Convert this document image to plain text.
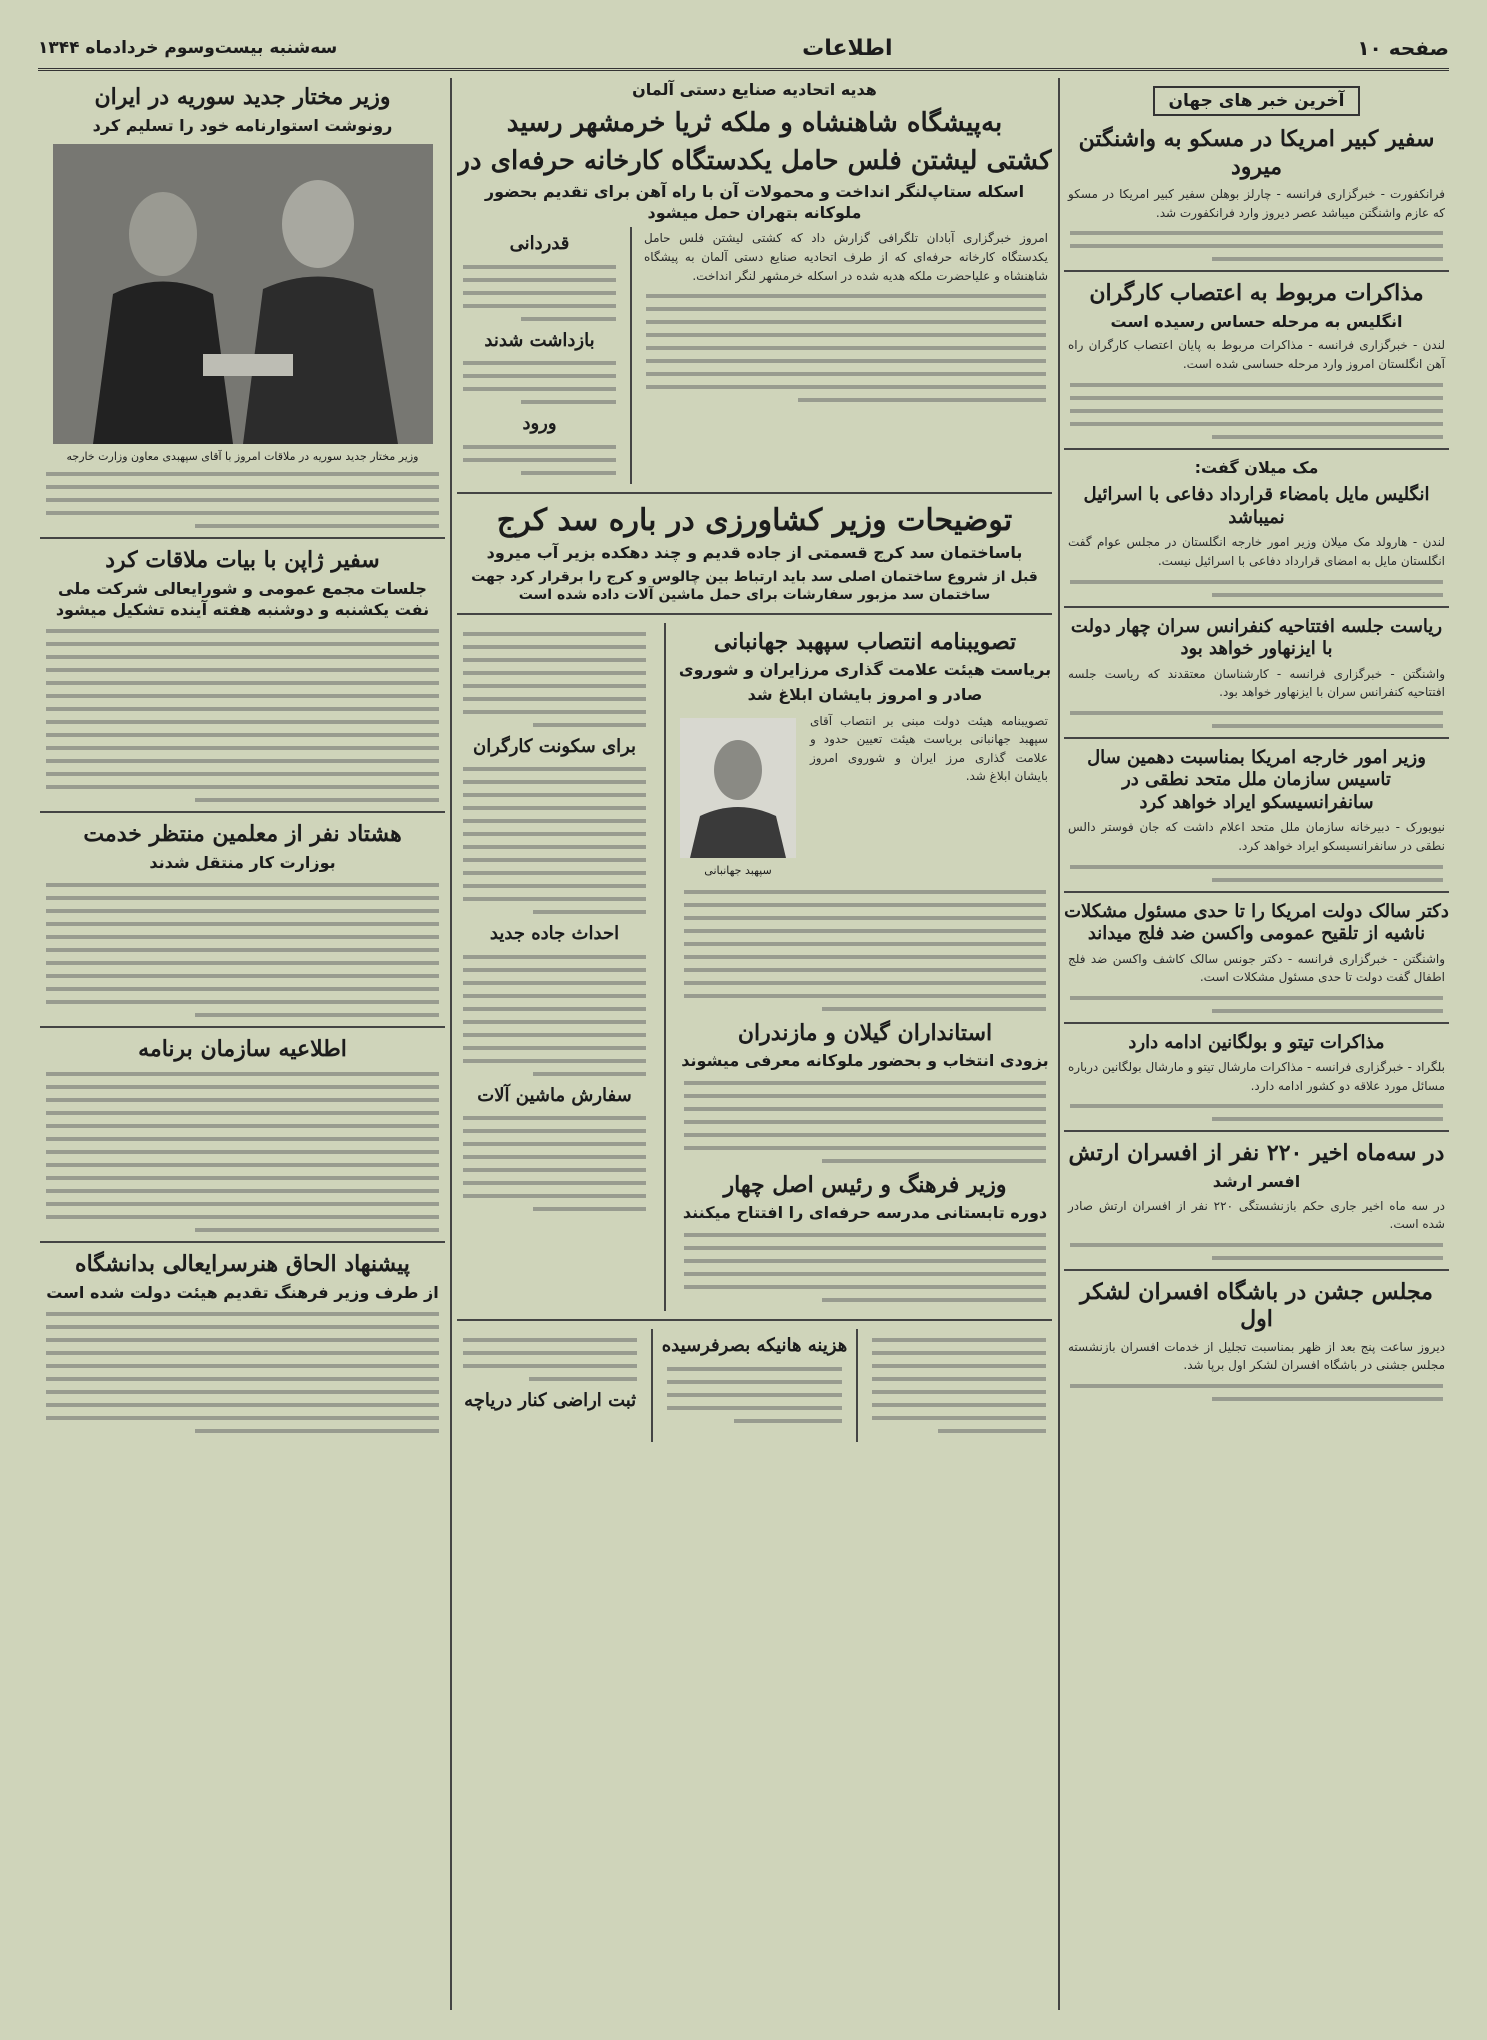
صفحه ۱۰
اطلاعات
سه‌شنبه بیست‌و‌سوم خردادماه ۱۳۴۴
آخرین خبر های جهان
سفیر کبیر امریکا در مسکو به واشنگتن میرود
فرانکفورت - خبرگزاری فرانسه - چارلز بوهلن سفیر کبیر امریکا در مسکو که عازم واشنگتن میباشد عصر دیروز وارد فرانکفورت شد.
مذاکرات مربوط به اعتصاب کارگران
انگلیس به مرحله حساس رسیده است
لندن - خبرگزاری فرانسه - مذاکرات مربوط به پایان اعتصاب کارگران راه آهن انگلستان امروز وارد مرحله حساسی شده است.
مک میلان گفت:
انگلیس مایل بامضاء قرارداد دفاعی با اسرائیل نمیباشد
لندن - هارولد مک میلان وزیر امور خارجه انگلستان در مجلس عوام گفت انگلستان مایل به امضای قرارداد دفاعی با اسرائیل نیست.
ریاست جلسه افتتاحیه کنفرانس سران چهار دولت با ایزنهاور خواهد بود
واشنگتن - خبرگزاری فرانسه - کارشناسان معتقدند که ریاست جلسه افتتاحیه کنفرانس سران با ایزنهاور خواهد بود.
وزیر امور خارجه امریکا بمناسبت دهمین سال تاسیس سازمان ملل متحد نطقی در سانفرانسیسکو ایراد خواهد کرد
نیویورک - دبیرخانه سازمان ملل متحد اعلام داشت که جان فوستر دالس نطقی در سانفرانسیسکو ایراد خواهد کرد.
دکتر سالک دولت امریکا را تا حدی مسئول مشکلات ناشیه از تلقیح عمومی واکسن ضد فلج میداند
واشنگتن - خبرگزاری فرانسه - دکتر جونس سالک کاشف واکسن ضد فلج اطفال گفت دولت تا حدی مسئول مشکلات است.
مذاکرات تیتو و بولگانین ادامه دارد
بلگراد - خبرگزاری فرانسه - مذاکرات مارشال تیتو و مارشال بولگانین درباره مسائل مورد علاقه دو کشور ادامه دارد.
در سه‌ماه اخیر ۲۲۰ نفر از افسران ارتش
افسر ارشد
در سه ماه اخیر جاری حکم بازنشستگی ۲۲۰ نفر از افسران ارتش صادر شده است.
مجلس جشن در باشگاه افسران لشکر اول
دیروز ساعت پنج بعد از ظهر بمناسبت تجلیل از خدمات افسران بازنشسته مجلس جشنی در باشگاه افسران لشکر اول برپا شد.
هدیه اتحادیه صنایع دستی آلمان
به‌پیشگاه شاهنشاه و ملکه ثریا خرمشهر رسید
کشتی لیشتن فلس حامل یکدستگاه کارخانه حرفه‌ای در
اسکله ستاپ‌لنگر انداخت و محمولات آن با راه آهن برای تقدیم بحضور ملوکانه بتهران حمل میشود
امروز خبرگزاری آبادان تلگرافی گزارش داد که کشتی لیشتن فلس حامل یکدستگاه کارخانه حرفه‌ای که از طرف اتحادیه صنایع دستی آلمان به پیشگاه شاهنشاه و علیاحضرت ملکه هدیه شده در اسکله خرمشهر لنگر انداخت.
قدردانی
بازداشت شدند
ورود
توضیحات وزیر کشاورزی در باره سد کرج
باساختمان سد کرج قسمتی از جاده قدیم و چند دهکده بزیر آب میرود
قبل از شروع ساختمان اصلی سد باید ارتباط بین چالوس و کرج را برقرار کرد جهت ساختمان سد مزبور سفارشات برای حمل ماشین آلات داده شده است
تصویبنامه انتصاب سپهبد جهانبانی
بریاست هیئت علامت گذاری مرزایران و شوروی
صادر و امروز بایشان ابلاغ شد
تصویبنامه هیئت دولت مبنی بر انتصاب آقای سپهبد جهانبانی بریاست هیئت تعیین حدود و علامت گذاری مرز ایران و شوروی امروز بایشان ابلاغ شد.
سپهبد جهانبانی
استانداران گیلان و مازندران
بزودی انتخاب و بحضور ملوکانه معرفی میشوند
وزیر فرهنگ و رئیس اصل چهار
دوره تابستانی مدرسه حرفه‌ای را افتتاح میکنند
برای سکونت کارگران
احداث جاده جدید
سفارش ماشین آلات
هزینه هانیکه بصرفرسیده
ثبت اراضی کنار دریاچه
وزیر مختار جدید سوریه در ایران
رونوشت استوارنامه خود را تسلیم کرد
وزیر مختار جدید سوریه در ملاقات امروز با آقای سپهبدی معاون وزارت خارجه
سفیر ژاپن با بیات ملاقات کرد
جلسات مجمع عمومی و شورایعالی شرکت ملی نفت یکشنبه و دوشنبه هفته آینده تشکیل میشود
هشتاد نفر از معلمین منتظر خدمت
بوزارت کار منتقل شدند
اطلاعیه سازمان برنامه
پیشنهاد الحاق هنرسرایعالی بدانشگاه
از طرف وزیر فرهنگ تقدیم هیئت دولت شده است
